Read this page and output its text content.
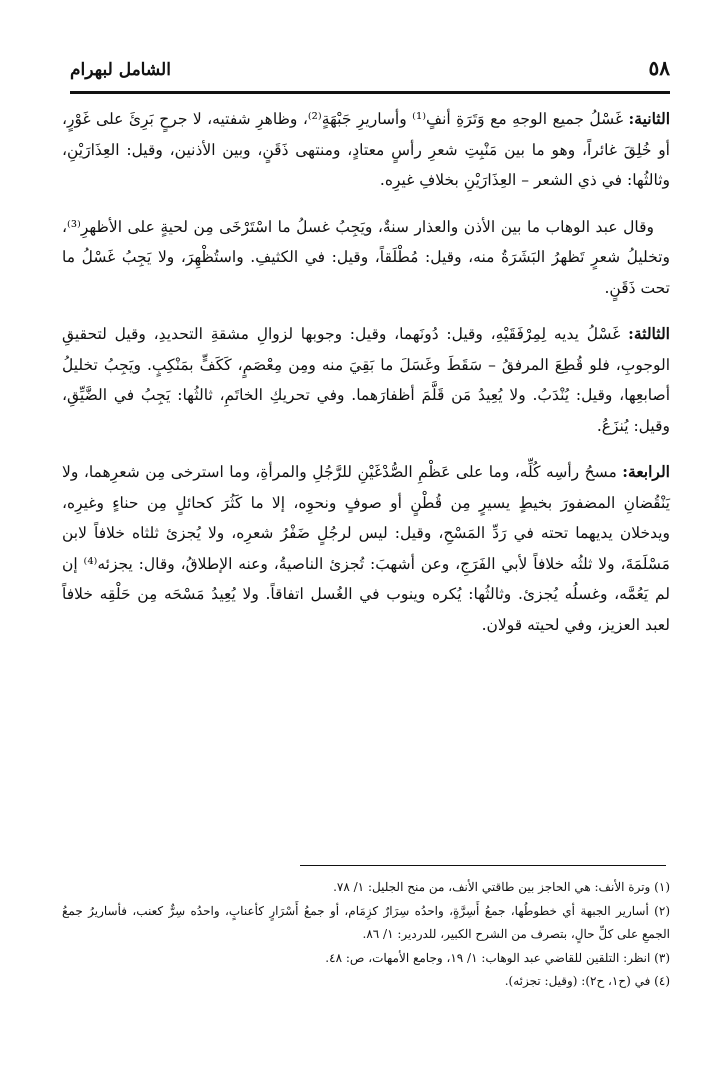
الشامل لبهرام	٥٨

الثانية: غَسْلُ جميع الوجهِ مع وَتَرَةِ أنفٍ⁽¹⁾ وأساريرِ جَبْهَةٍ⁽²⁾، وظاهرِ شفتيه، لا جرحٍ بَرِئَ على غَوْرٍ، أو خُلِقَ غائراً، وهو ما بين مَنْبِتِ شعرِ رأسٍ معتادٍ، ومنتهى ذَقَنٍ، وبين الأذنين، وقيل: العِذَارَيْنِ، وثالثُها: في ذي الشعر – العِذَارَيْنِ بخلافِ غيرِه.

وقال عبد الوهاب ما بين الأذن والعذار سنةٌ، ويَجِبُ غسلُ ما اسْتَرْخَى مِن لحيةٍ على الأظهرِ⁽³⁾، وتخليلُ شعرٍ تَظهرُ البَشَرَةُ منه، وقيل: مُطْلَقاً، وقيل: في الكثيفِ. واستُظْهِرَ، ولا يَجِبُ غَسْلُ ما تحت ذَقَنٍ.

الثالثة: غَسْلُ يديه لِمِرْفَقَيْهِ، وقيل: دُونَهما، وقيل: وجوبها لزوالِ مشقةِ التحديدِ، وقيل لتحقيقِ الوجوبِ، فلو قُطِعَ المرفقُ – سَقَطَ وغَسَلَ ما بَقِيَ منه ومِن مِعْصَمٍ، كَكَفٍّ بمَنْكِبٍ. ويَجِبُ تخليلُ أصابعِها، وقيل: يُنْدَبُ. ولا يُعِيدُ مَن قَلَّمَ أظفارَهما. وفي تحريكِ الخاتَمِ، ثالثُها: يَجِبُ في الضَّيِّقِ، وقيل: يُنزَعُ.

الرابعة: مسحُ رأسِه كُلِّه، وما على عَظْمِ الصُّدْغَيْنِ للرَّجُلِ والمرأةِ، وما استرخى مِن شعرِهما، ولا يَنْقُضانِ المضفورَ بخيطٍ يسيرٍ مِن قُطْنٍ أو صوفٍ ونحوِه، إلا ما كَثُرَ كحائلٍ مِن حناءٍ وغيرِه، ويدخلان يديهما تحته في رَدِّ المَسْحِ، وقيل: ليس لرجُلٍ ضَفْرُ شعرِه، ولا يُجزئ ثلثاه خلافاً لابن مَسْلَمَةَ، ولا ثلثُه خلافاً لأبي الفَرَجِ، وعن أشهبَ: تُجزئ الناصيةُ، وعنه الإطلاقُ، وقال: يجزئه⁽⁴⁾ إن لم يَعُمَّه، وغسلُه يُجزئ. وثالثُها: يُكره وينوب في الغُسل اتفاقاً. ولا يُعِيدُ مَسْحَه مِن حَلْقِه خلافاً لعبد العزيز، وفي لحيته قولان.

(١) وترة الأنف: هي الحاجز بين طاقتي الأنف، من منح الجليل: ١/ ٧٨.

(٢) أسارير الجبهة أي خطوطُها، جمعُ أَسِرَّةٍ، واحدُه سِرَارٌ كزِمَام، أو جمعُ أَسْرَارٍ كأعنابٍ، واحدُه سِرٌّ كعنب، فأساريرُ جمعُ الجمعِ على كلِّ حالٍ، بتصرف من الشرح الكبير، للدردير: ١/ ٨٦.

(٣) انظر: التلقين للقاضي عبد الوهاب: ١/ ١٩، وجامع الأمهات، ص: ٤٨.

(٤) في (ح١، ح٢): (وقيل: تجزئه).
